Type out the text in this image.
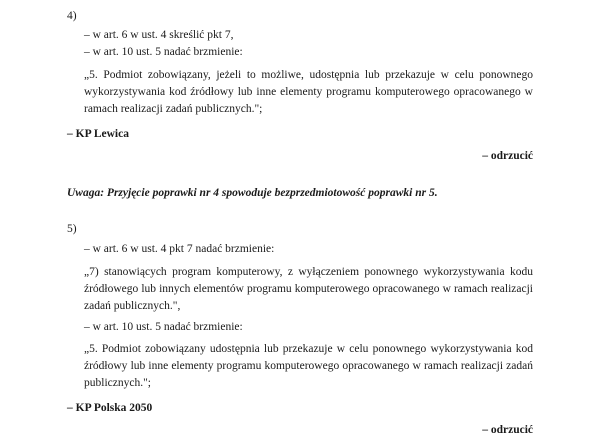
4)

– w art. 6 w ust. 4 skreślić pkt 7,

– w art. 10 ust. 5 nadać brzmienie:

„5. Podmiot zobowiązany, jeżeli to możliwe, udostępnia lub przekazuje w celu ponownego wykorzystywania kod źródłowy lub inne elementy programu komputerowego opracowanego w ramach realizacji zadań publicznych.";

– KP Lewica

– odrzucić

Uwaga: Przyjęcie poprawki nr 4 spowoduje bezprzedmiotowość poprawki nr 5.

5)

– w art. 6 w ust. 4 pkt 7 nadać brzmienie:

„7) stanowiących program komputerowy, z wyłączeniem ponownego wykorzystywania kodu źródłowego lub innych elementów programu komputerowego opracowanego w ramach realizacji zadań publicznych.",

– w art. 10 ust. 5 nadać brzmienie:

„5. Podmiot zobowiązany udostępnia lub przekazuje w celu ponownego wykorzystywania kod źródłowy lub inne elementy programu komputerowego opracowanego w ramach realizacji zadań publicznych.";

– KP Polska 2050

– odrzucić
